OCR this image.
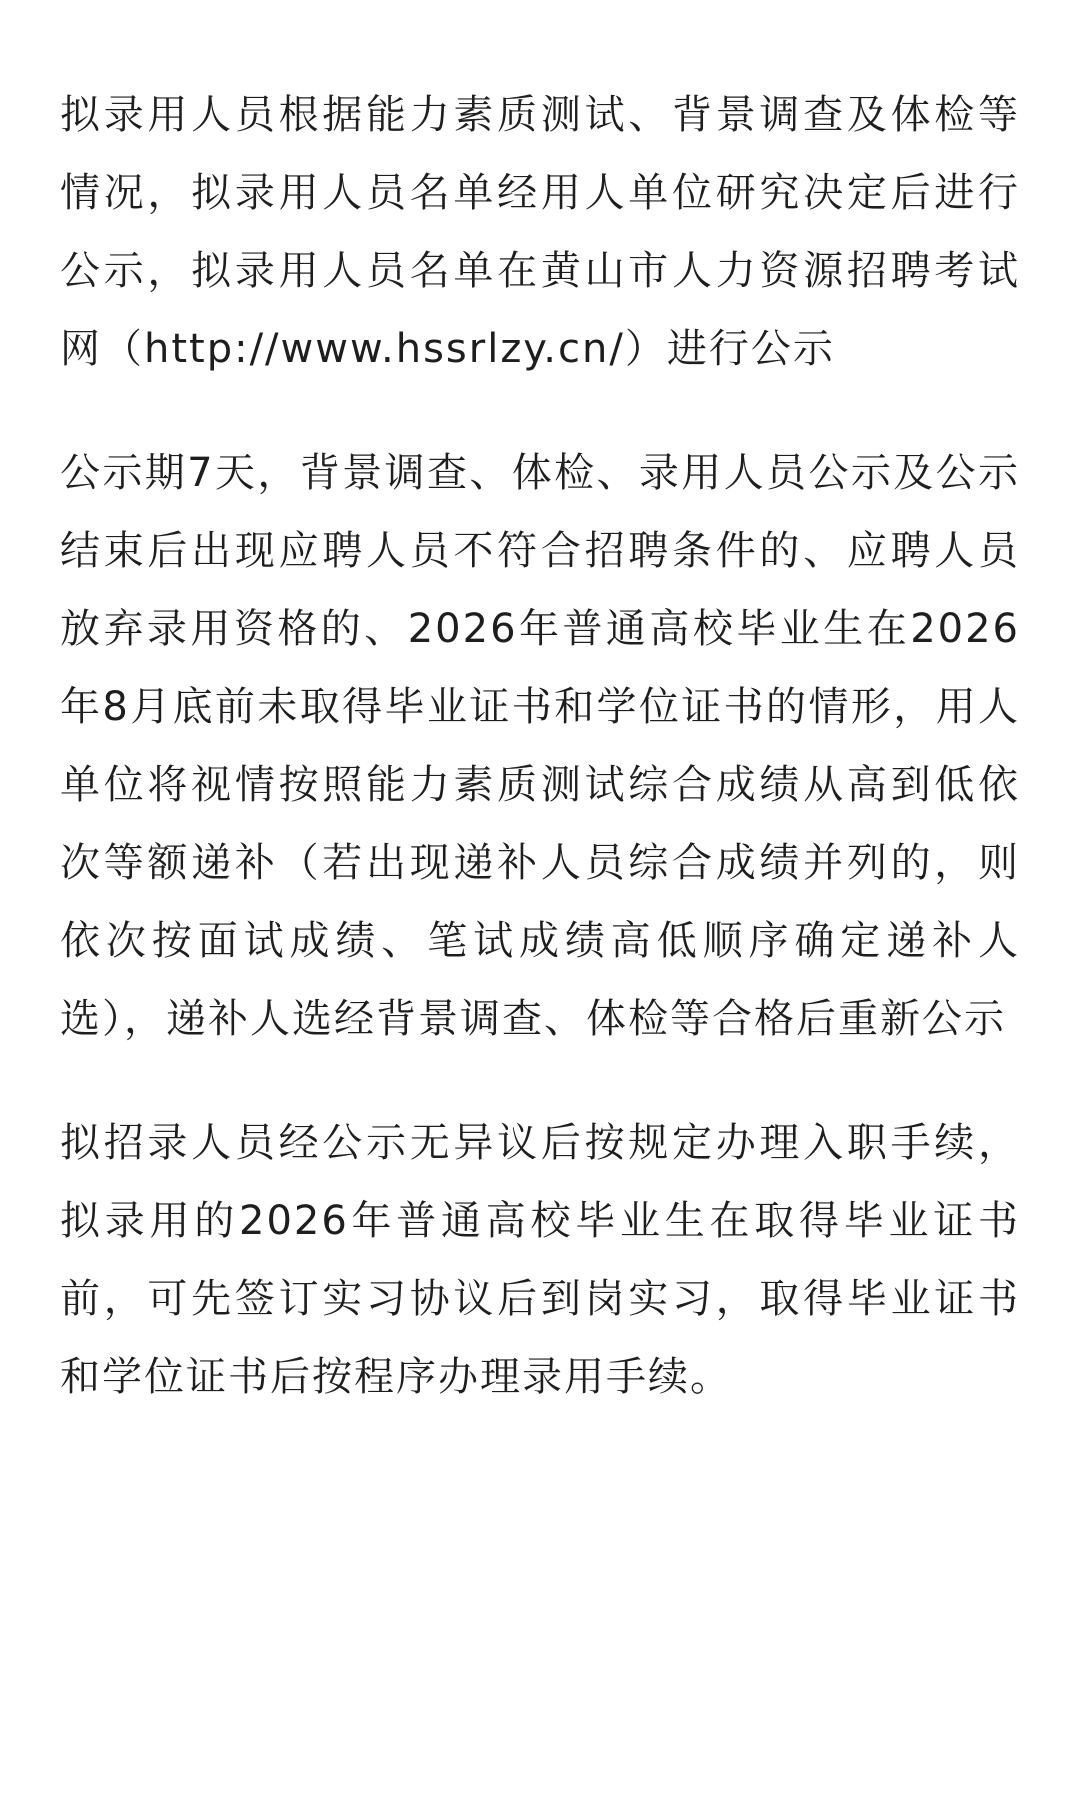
拟录用人员根据能力素质测试、背景调查及体检等情况，拟录用人员名单经用人单位研究决定后进行公示，拟录用人员名单在黄山市人力资源招聘考试网（http://www.hssrlzy.cn/）进行公示

公示期7天，背景调查、体检、录用人员公示及公示结束后出现应聘人员不符合招聘条件的、应聘人员放弃录用资格的、2026年普通高校毕业生在2026年8月底前未取得毕业证书和学位证书的情形，用人单位将视情按照能力素质测试综合成绩从高到低依次等额递补（若出现递补人员综合成绩并列的，则依次按面试成绩、笔试成绩高低顺序确定递补人选），递补人选经背景调查、体检等合格后重新公示

拟招录人员经公示无异议后按规定办理入职手续，拟录用的2026年普通高校毕业生在取得毕业证书前，可先签订实习协议后到岗实习，取得毕业证书和学位证书后按程序办理录用手续。
